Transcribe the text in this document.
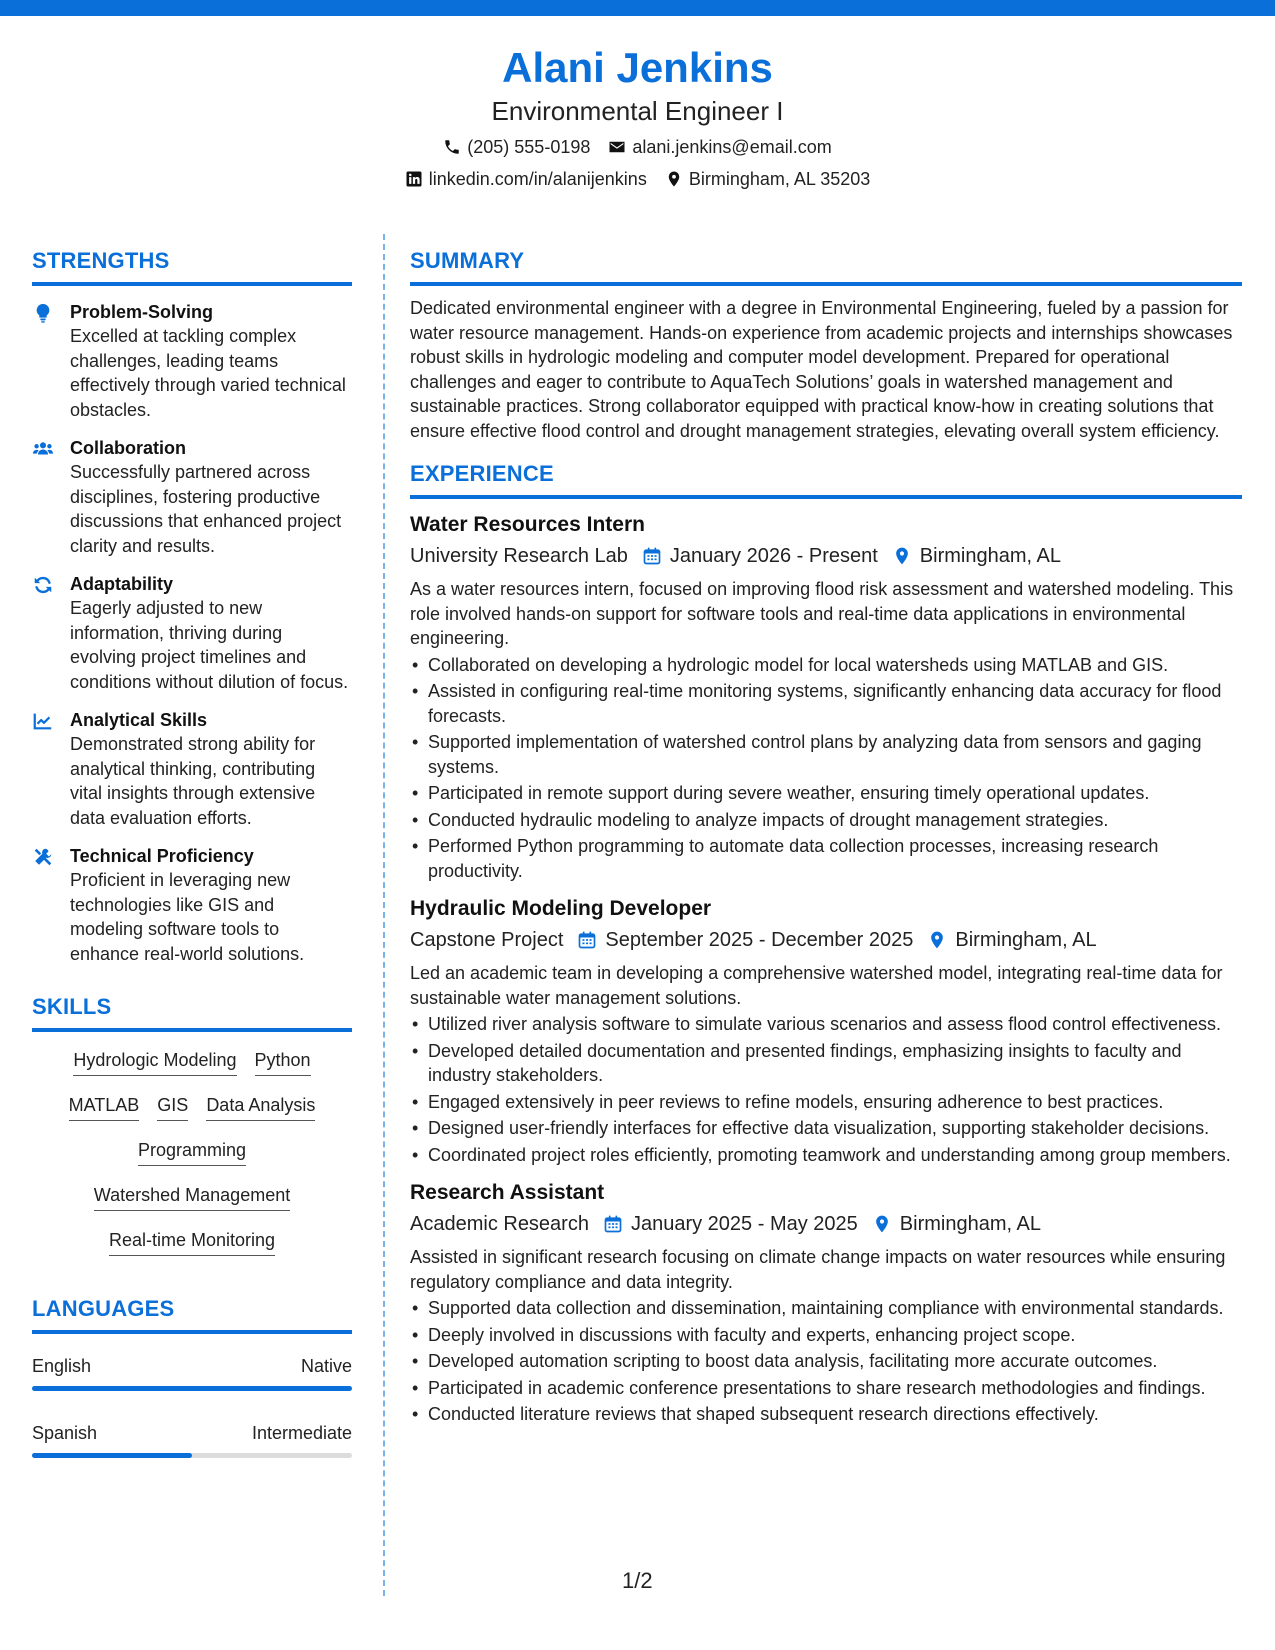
Alani Jenkins
Environmental Engineer I
(205) 555-0198 alani.jenkins@email.com
linkedin.com/in/alanijenkins Birmingham, AL 35203
STRENGTHS
Problem-Solving
Excelled at tackling complex challenges, leading teams effectively through varied technical obstacles.
Collaboration
Successfully partnered across disciplines, fostering productive discussions that enhanced project clarity and results.
Adaptability
Eagerly adjusted to new information, thriving during evolving project timelines and conditions without dilution of focus.
Analytical Skills
Demonstrated strong ability for analytical thinking, contributing vital insights through extensive data evaluation efforts.
Technical Proficiency
Proficient in leveraging new technologies like GIS and modeling software tools to enhance real-world solutions.
SKILLS
Hydrologic Modeling Python
MATLAB GIS Data Analysis
Programming
Watershed Management
Real-time Monitoring
LANGUAGES
English	Native
Spanish	Intermediate
SUMMARY
Dedicated environmental engineer with a degree in Environmental Engineering, fueled by a passion for water resource management. Hands-on experience from academic projects and internships showcases robust skills in hydrologic modeling and computer model development. Prepared for operational challenges and eager to contribute to AquaTech Solutions’ goals in watershed management and sustainable practices. Strong collaborator equipped with practical know-how in creating solutions that ensure effective flood control and drought management strategies, elevating overall system efficiency.
EXPERIENCE
Water Resources Intern
University Research Lab January 2026 - Present Birmingham, AL
As a water resources intern, focused on improving flood risk assessment and watershed modeling. This role involved hands-on support for software tools and real-time data applications in environmental engineering.
• Collaborated on developing a hydrologic model for local watersheds using MATLAB and GIS.
• Assisted in configuring real-time monitoring systems, significantly enhancing data accuracy for flood forecasts.
• Supported implementation of watershed control plans by analyzing data from sensors and gaging systems.
• Participated in remote support during severe weather, ensuring timely operational updates.
• Conducted hydraulic modeling to analyze impacts of drought management strategies.
• Performed Python programming to automate data collection processes, increasing research productivity.
Hydraulic Modeling Developer
Capstone Project September 2025 - December 2025 Birmingham, AL
Led an academic team in developing a comprehensive watershed model, integrating real-time data for sustainable water management solutions.
• Utilized river analysis software to simulate various scenarios and assess flood control effectiveness.
• Developed detailed documentation and presented findings, emphasizing insights to faculty and industry stakeholders.
• Engaged extensively in peer reviews to refine models, ensuring adherence to best practices.
• Designed user-friendly interfaces for effective data visualization, supporting stakeholder decisions.
• Coordinated project roles efficiently, promoting teamwork and understanding among group members.
Research Assistant
Academic Research January 2025 - May 2025 Birmingham, AL
Assisted in significant research focusing on climate change impacts on water resources while ensuring regulatory compliance and data integrity.
• Supported data collection and dissemination, maintaining compliance with environmental standards.
• Deeply involved in discussions with faculty and experts, enhancing project scope.
• Developed automation scripting to boost data analysis, facilitating more accurate outcomes.
• Participated in academic conference presentations to share research methodologies and findings.
• Conducted literature reviews that shaped subsequent research directions effectively.
1/2
